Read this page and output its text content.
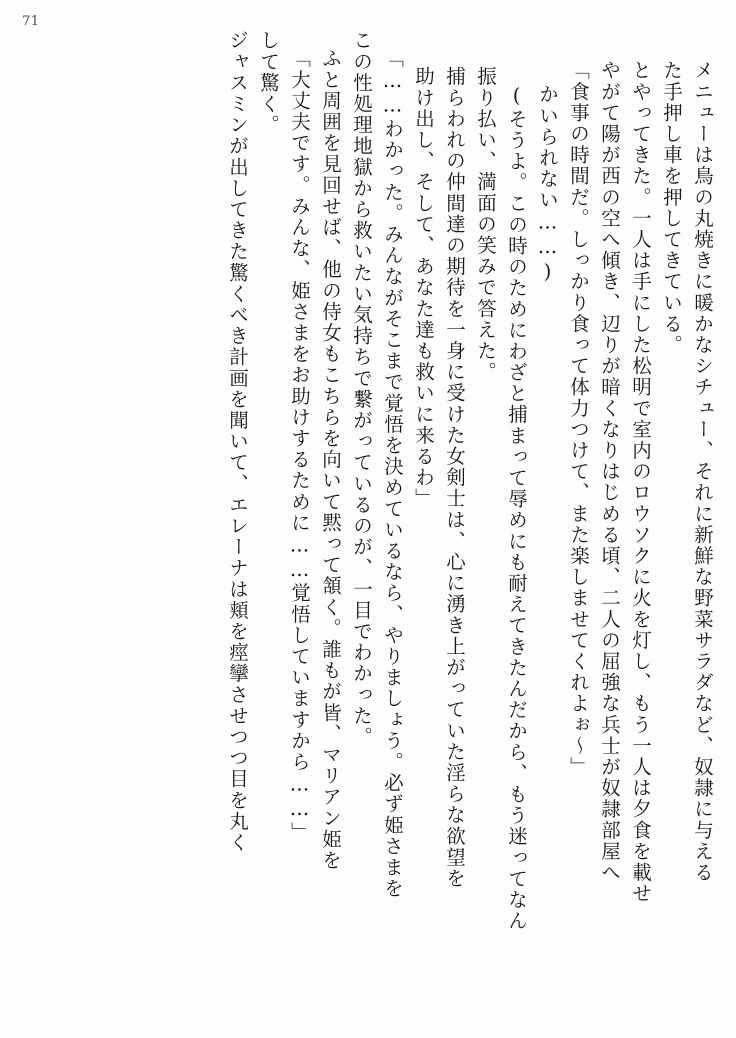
71
ジャスミンが出してきた驚くべき計画を聞いて、エレーナは頬を痙攣させつつ目を丸く して驚く。 「大丈夫です。みんな、姫さまをお助けするために……覚悟していますから……」 ふと周囲を見回せば、他の侍女もこちらを向いて黙って頷く。誰もが皆、マリアン姫を この性処理地獄から救いたい気持ちで繋がっているのが、一目でわかった。 「……わかった。みんながそこまで覚悟を決めているなら、やりましょう。必ず姫さまを 助け出し、そして、あなた達も救いに来るわ」 捕らわれの仲間達の期待を一身に受けた女剣士は、心に湧き上がっていた淫らな欲望を 振り払い、満面の笑みで答えた。 (そうよ。この時のためにわざと捕まって辱めにも耐えてきたんだから、もう迷ってなん かいられない……) 「食事の時間だ。しっかり食って体力つけて、また楽しませてくれよぉ～」 やがて陽が西の空へ傾き、辺りが暗くなりはじめる頃、二人の屈強な兵士が奴隷部屋へ とやってきた。一人は手にした松明で室内のロウソクに火を灯し、もう一人は夕食を載せ た手押し車を押してきている。 メニューは鳥の丸焼きに暖かなシチュー、それに新鮮な野菜サラダなど、奴隷に与える
